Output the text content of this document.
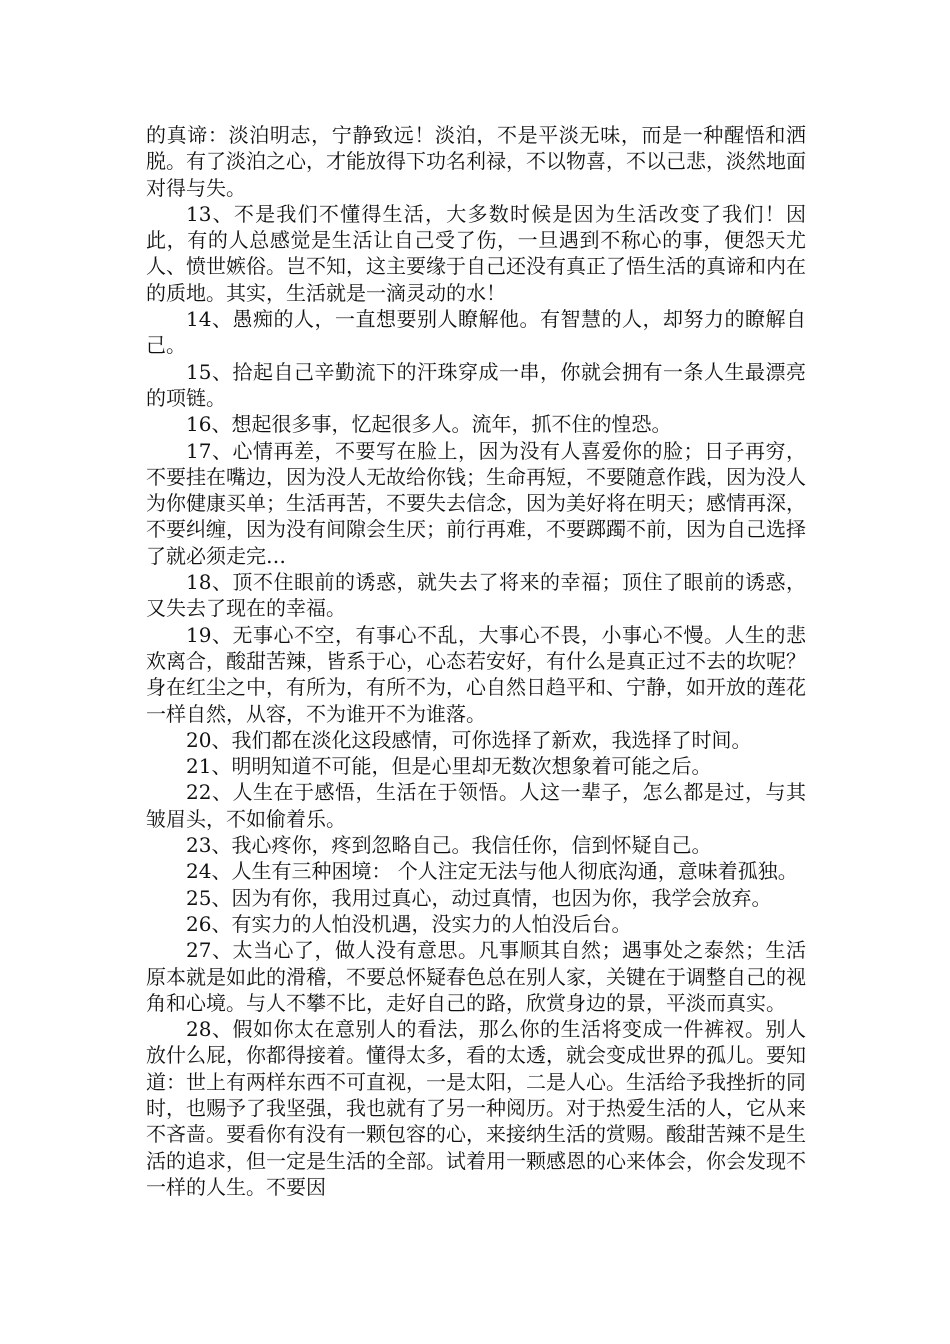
的真谛：淡泊明志，宁静致远！淡泊，不是平淡无味，而是一种醒悟和洒脱。有了淡泊之心，才能放得下功名利禄，不以物喜，不以己悲，淡然地面对得与失。

13、不是我们不懂得生活，大多数时候是因为生活改变了我们！因此，有的人总感觉是生活让自己受了伤，一旦遇到不称心的事，便怨天尤人、愤世嫉俗。岂不知，这主要缘于自己还没有真正了悟生活的真谛和内在的质地。其实，生活就是一滴灵动的水！

14、愚痴的人，一直想要别人瞭解他。有智慧的人，却努力的瞭解自己。

15、拾起自己辛勤流下的汗珠穿成一串，你就会拥有一条人生最漂亮的项链。

16、想起很多事，忆起很多人。流年，抓不住的惶恐。

17、心情再差，不要写在脸上，因为没有人喜爱你的脸；日子再穷，不要挂在嘴边，因为没人无故给你钱；生命再短，不要随意作践，因为没人为你健康买单；生活再苦，不要失去信念，因为美好将在明天；感情再深，不要纠缠，因为没有间隙会生厌；前行再难，不要踯躅不前，因为自己选择了就必须走完…

18、顶不住眼前的诱惑，就失去了将来的幸福；顶住了眼前的诱惑，又失去了现在的幸福。

19、无事心不空，有事心不乱，大事心不畏，小事心不慢。人生的悲欢离合，酸甜苦辣，皆系于心，心态若安好，有什么是真正过不去的坎呢？身在红尘之中，有所为，有所不为，心自然日趋平和、宁静，如开放的莲花一样自然，从容，不为谁开不为谁落。

20、我们都在淡化这段感情，可你选择了新欢，我选择了时间。

21、明明知道不可能，但是心里却无数次想象着可能之后。

22、人生在于感悟，生活在于领悟。人这一辈子，怎么都是过，与其皱眉头，不如偷着乐。

23、我心疼你，疼到忽略自己。我信任你，信到怀疑自己。

24、人生有三种困境： 个人注定无法与他人彻底沟通，意味着孤独。

25、因为有你，我用过真心，动过真情，也因为你，我学会放弃。

26、有实力的人怕没机遇，没实力的人怕没后台。

27、太当心了，做人没有意思。凡事顺其自然；遇事处之泰然；生活原本就是如此的滑稽，不要总怀疑春色总在别人家，关键在于调整自己的视角和心境。与人不攀不比，走好自己的路，欣赏身边的景，平淡而真实。

28、假如你太在意别人的看法，那么你的生活将变成一件裤衩。别人放什么屁，你都得接着。懂得太多，看的太透，就会变成世界的孤儿。要知道：世上有两样东西不可直视，一是太阳，二是人心。生活给予我挫折的同时，也赐予了我坚强，我也就有了另一种阅历。对于热爱生活的人，它从来不吝啬。要看你有没有一颗包容的心，来接纳生活的赏赐。酸甜苦辣不是生活的追求，但一定是生活的全部。试着用一颗感恩的心来体会，你会发现不一样的人生。不要因
